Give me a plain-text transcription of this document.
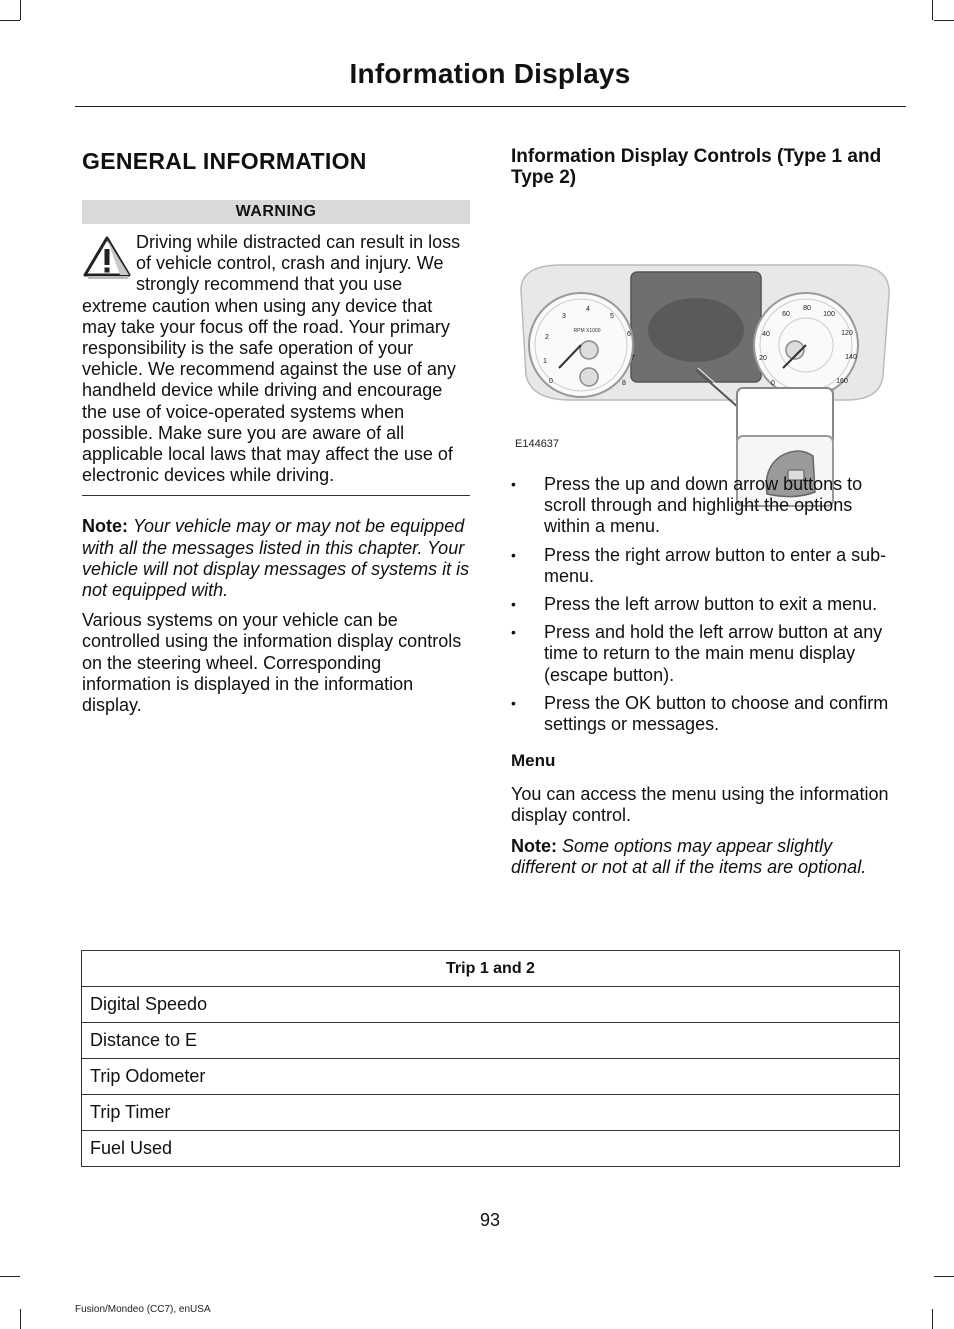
Information Displays
GENERAL INFORMATION
WARNING

Driving while distracted can result in loss of vehicle control, crash and injury. We strongly recommend that you use extreme caution when using any device that may take your focus off the road. Your primary responsibility is the safe operation of your vehicle. We recommend against the use of any handheld device while driving and encourage the use of voice-operated systems when possible. Make sure you are aware of all applicable local laws that may affect the use of electronic devices while driving.

Note: Your vehicle may or may not be equipped with all the messages listed in this chapter. Your vehicle will not display messages of systems it is not equipped with.

Various systems on your vehicle can be controlled using the information display controls on the steering wheel. Corresponding information is displayed in the information display.

Information Display Controls (Type 1 and Type 2)
0
1
2
3
4
5
6
7
8
RPM X1000
0
20
40
60
80
100
120
140
160
E144637
• Press the up and down arrow buttons to scroll through and highlight the options within a menu.
• Press the right arrow button to enter a sub-menu.
• Press the left arrow button to exit a menu.
• Press and hold the left arrow button at any time to return to the main menu display (escape button).
• Press the OK button to choose and confirm settings or messages.
Menu

You can access the menu using the information display control.

Note: Some options may appear slightly different or not at all if the items are optional.

Trip 1 and 2
Digital Speedo
Distance to E
Trip Odometer
Trip Timer
Fuel Used
93
Fusion/Mondeo (CC7), enUSA
